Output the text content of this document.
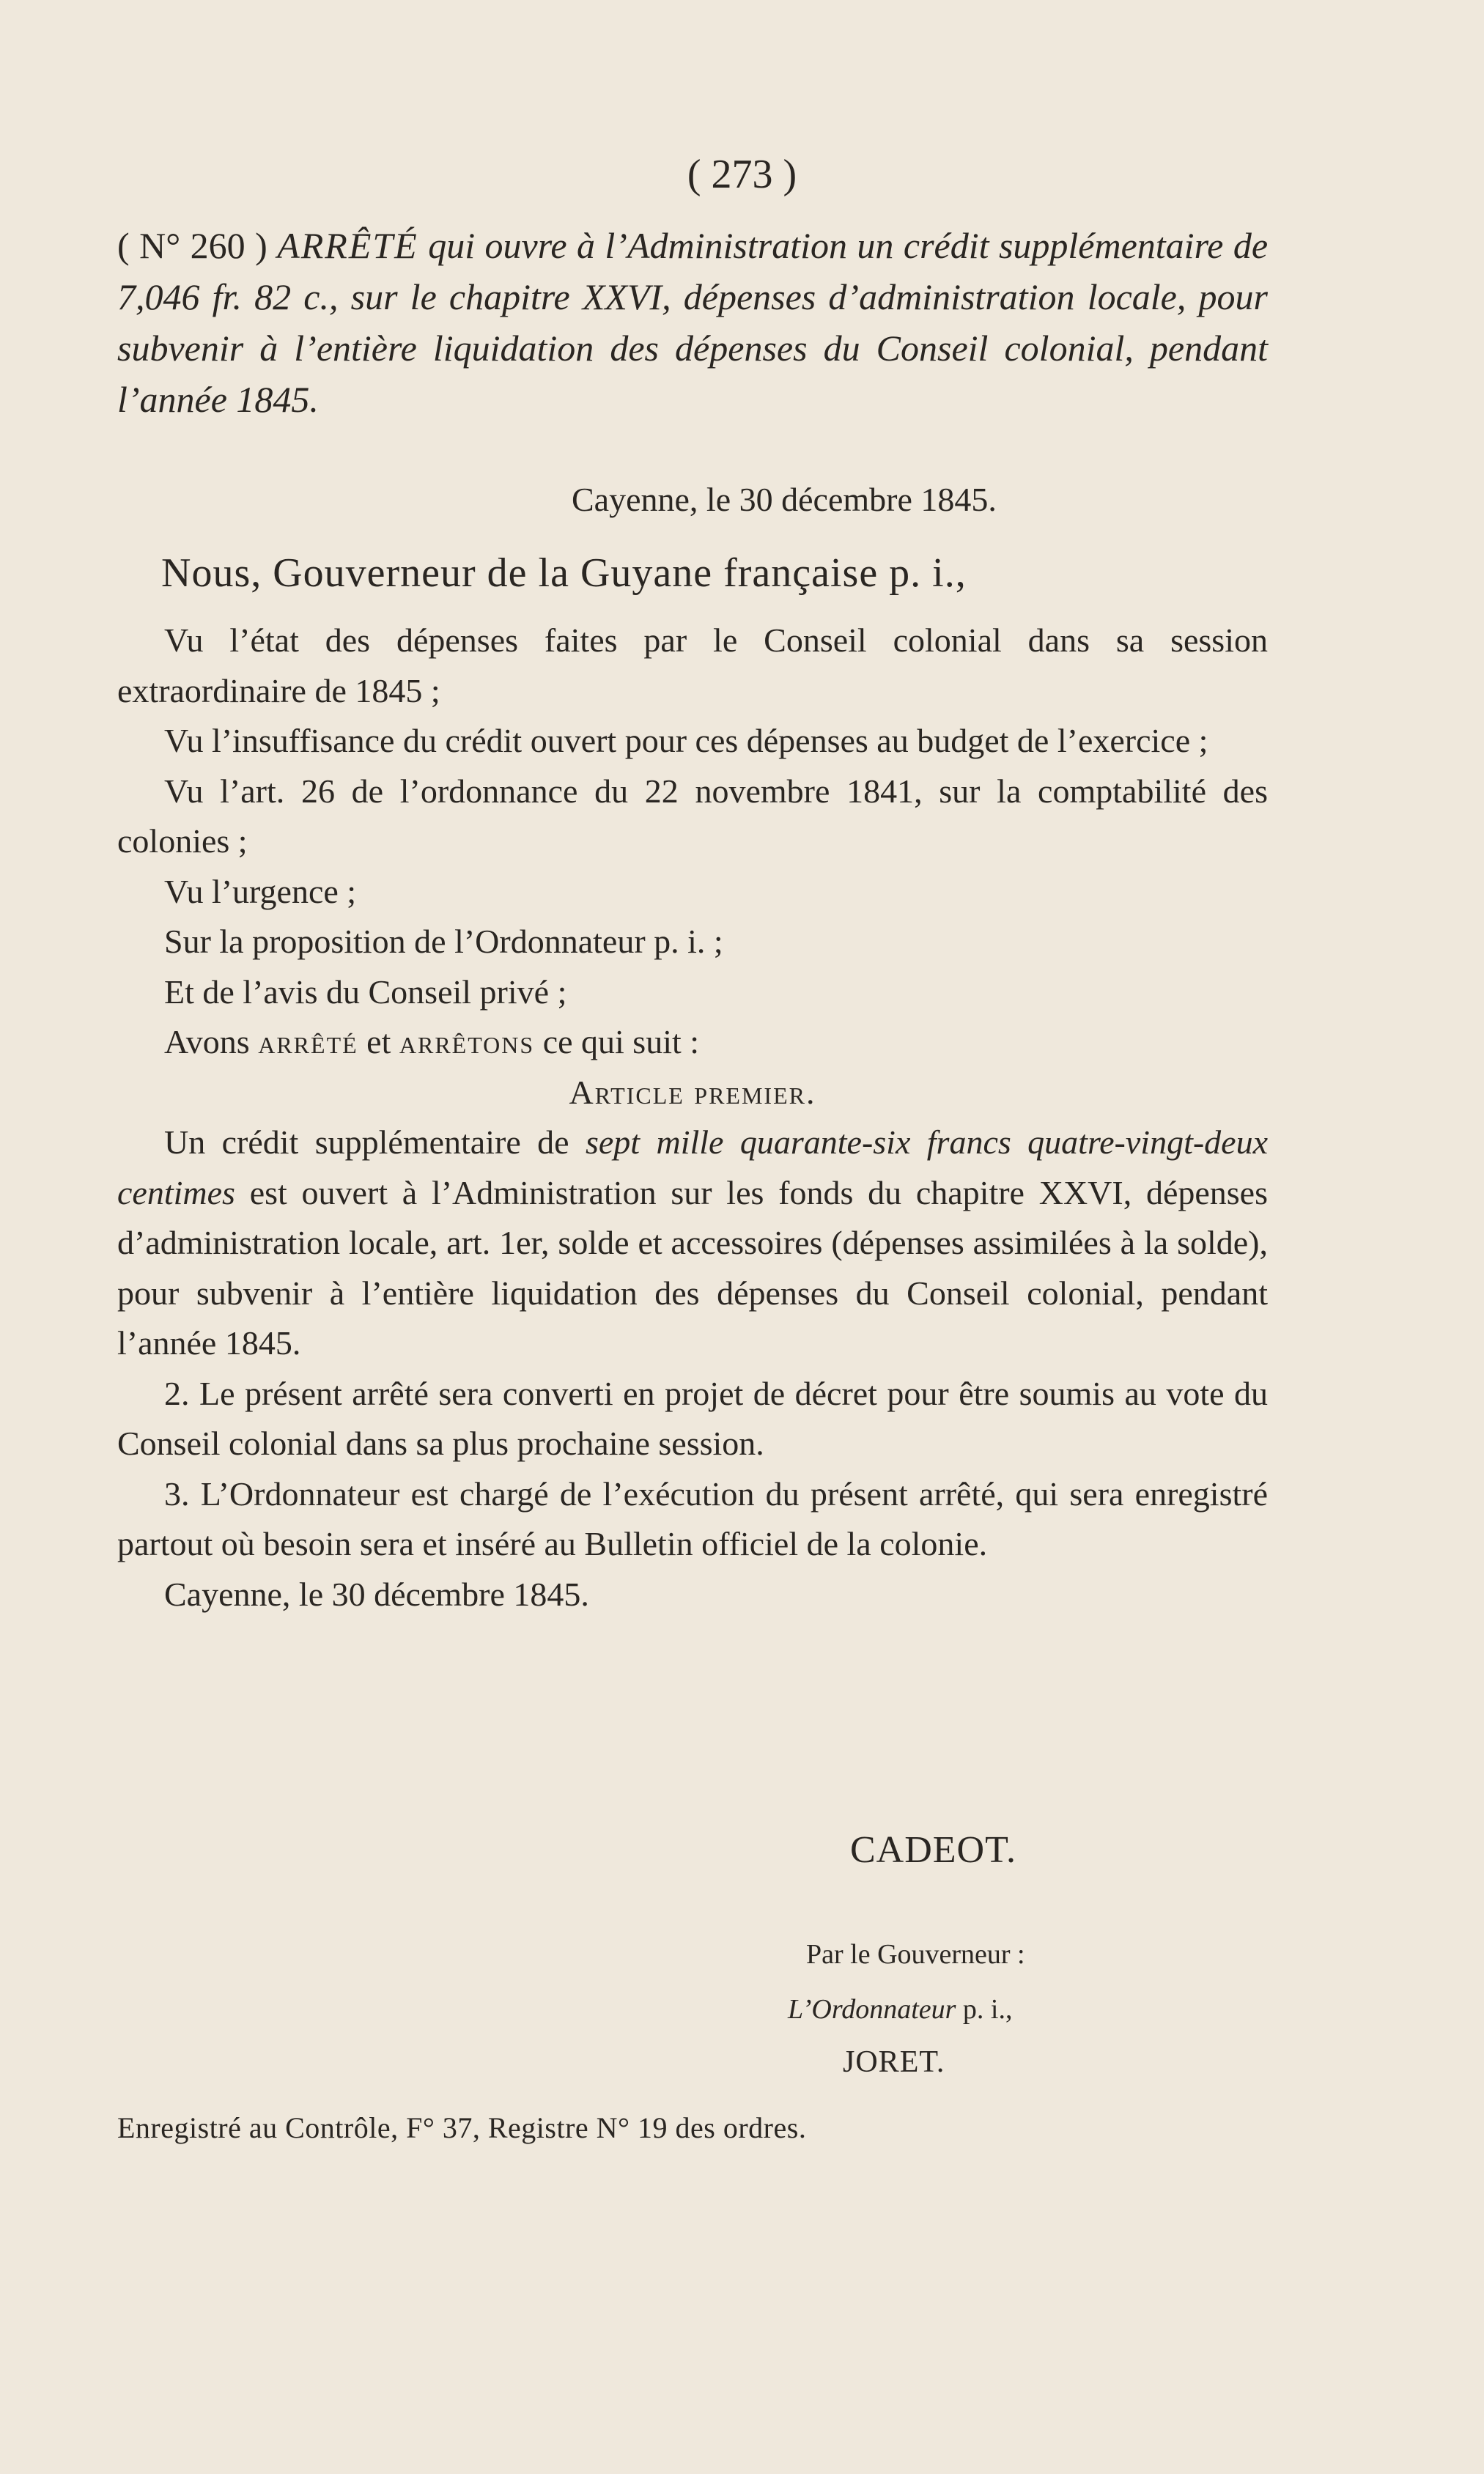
( 273 )
( N° 260 ) ARRÊTÉ qui ouvre à l’Administration un crédit supplémentaire de 7,046 fr. 82 c., sur le chapitre XXVI, dépenses d’administration locale, pour subvenir à l’entière liquidation des dépenses du Conseil colonial, pendant l’année 1845.
Cayenne, le 30 décembre 1845.
Nous, Gouverneur de la Guyane française p. i.,

Vu l’état des dépenses faites par le Conseil colonial dans sa session extraordinaire de 1845 ;

Vu l’insuffisance du crédit ouvert pour ces dépenses au budget de l’exercice ;

Vu l’art. 26 de l’ordonnance du 22 novembre 1841, sur la comptabilité des colonies ;

Vu l’urgence ;

Sur la proposition de l’Ordonnateur p. i. ;

Et de l’avis du Conseil privé ;

Avons arrêté et arrêtons ce qui suit :

Article premier.

Un crédit supplémentaire de sept mille quarante-six francs quatre-vingt-deux centimes est ouvert à l’Administration sur les fonds du chapitre XXVI, dépenses d’administration locale, art. 1er, solde et accessoires (dépenses assimilées à la solde), pour subvenir à l’entière liquidation des dépenses du Conseil colonial, pendant l’année 1845.

2. Le présent arrêté sera converti en projet de décret pour être soumis au vote du Conseil colonial dans sa plus prochaine session.

3. L’Ordonnateur est chargé de l’exécution du présent arrêté, qui sera enregistré partout où besoin sera et inséré au Bulletin officiel de la colonie.

Cayenne, le 30 décembre 1845.

CADEOT.
Par le Gouverneur :
L’Ordonnateur p. i.,
JORET.
Enregistré au Contrôle, F° 37, Registre N° 19 des ordres.
